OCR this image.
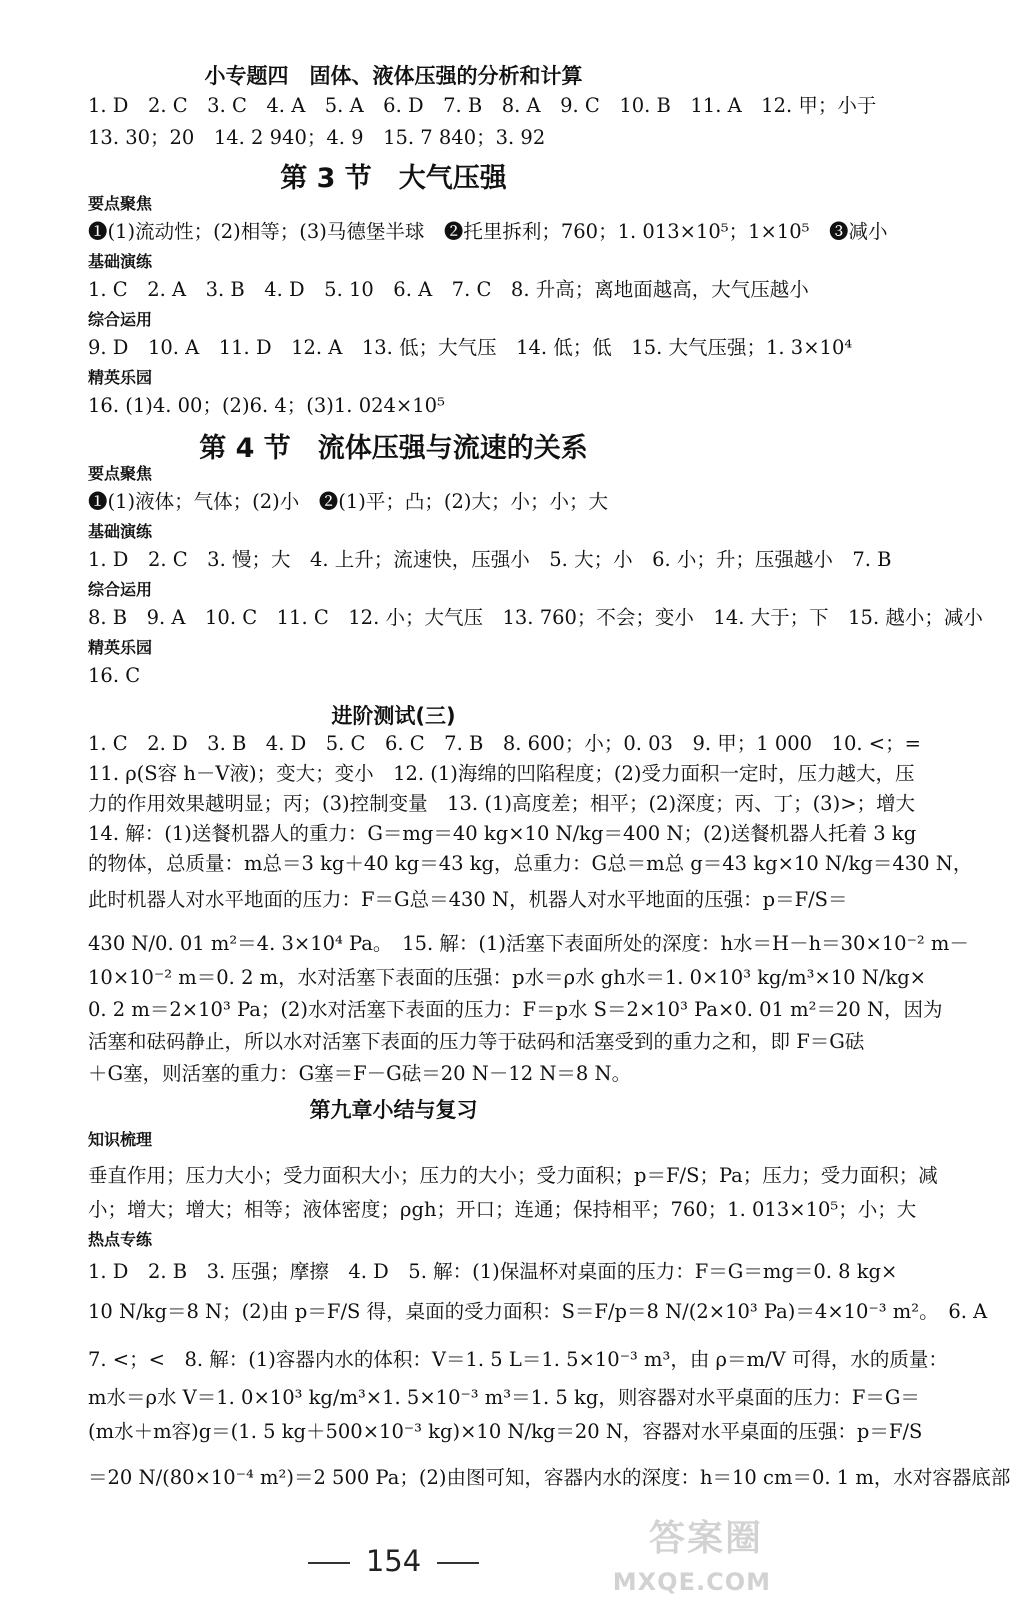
小专题四　固体、液体压强的分析和计算
1. D　2. C　3. C　4. A　5. A　6. D　7. B　8. A　9. C　10. B　11. A　12. 甲；小于
13. 30；20　14. 2 940；4. 9　15. 7 840；3. 92
第 3 节　大气压强
要点聚焦
❶(1)流动性；(2)相等；(3)马德堡半球　❷托里拆利；760；1. 013×10⁵；1×10⁵　❸减小
基础演练
1. C　2. A　3. B　4. D　5. 10　6. A　7. C　8. 升高；离地面越高，大气压越小
综合运用
9. D　10. A　11. D　12. A　13. 低；大气压　14. 低；低　15. 大气压强；1. 3×10⁴
精英乐园
16. (1)4. 00；(2)6. 4；(3)1. 024×10⁵
第 4 节　流体压强与流速的关系
要点聚焦
❶(1)液体；气体；(2)小　❷(1)平；凸；(2)大；小；小；大
基础演练
1. D　2. C　3. 慢；大　4. 上升；流速快，压强小　5. 大；小　6. 小；升；压强越小　7. B
综合运用
8. B　9. A　10. C　11. C　12. 小；大气压　13. 760；不会；变小　14. 大于；下　15. 越小；减小
精英乐园
16. C
进阶测试(三)
1. C　2. D　3. B　4. D　5. C　6. C　7. B　8. 600；小；0. 03　9. 甲；1 000　10. <；=
11. ρ(S容 h－V液)；变大；变小　12. (1)海绵的凹陷程度；(2)受力面积一定时，压力越大，压
力的作用效果越明显；丙；(3)控制变量　13. (1)高度差；相平；(2)深度；丙、丁；(3)>；增大
14. 解：(1)送餐机器人的重力：G＝mg＝40 kg×10 N/kg＝400 N；(2)送餐机器人托着 3 kg
的物体，总质量：m总＝3 kg＋40 kg＝43 kg，总重力：G总＝m总 g＝43 kg×10 N/kg＝430 N，
此时机器人对水平地面的压力：F＝G总＝430 N，机器人对水平地面的压强：p＝F/S＝
430 N/0. 01 m²＝4. 3×10⁴ Pa。　15. 解：(1)活塞下表面所处的深度：h水＝H－h＝30×10⁻² m－
10×10⁻² m＝0. 2 m，水对活塞下表面的压强：p水＝ρ水 gh水＝1. 0×10³ kg/m³×10 N/kg×
0. 2 m＝2×10³ Pa；(2)水对活塞下表面的压力：F＝p水 S＝2×10³ Pa×0. 01 m²＝20 N，因为
活塞和砝码静止，所以水对活塞下表面的压力等于砝码和活塞受到的重力之和，即 F＝G砝
＋G塞，则活塞的重力：G塞＝F－G砝＝20 N－12 N＝8 N。
第九章小结与复习
知识梳理
垂直作用；压力大小；受力面积大小；压力的大小；受力面积；p＝F/S；Pa；压力；受力面积；减
小；增大；增大；相等；液体密度；ρgh；开口；连通；保持相平；760；1. 013×10⁵；小；大
热点专练
1. D　2. B　3. 压强；摩擦　4. D　5. 解：(1)保温杯对桌面的压力：F＝G＝mg＝0. 8 kg×
10 N/kg＝8 N；(2)由 p＝F/S 得，桌面的受力面积：S＝F/p＝8 N/(2×10³ Pa)＝4×10⁻³ m²。　6. A
7. <；<　8. 解：(1)容器内水的体积：V＝1. 5 L＝1. 5×10⁻³ m³，由 ρ＝m/V 可得，水的质量：
m水＝ρ水 V＝1. 0×10³ kg/m³×1. 5×10⁻³ m³＝1. 5 kg，则容器对水平桌面的压力：F＝G＝
(m水＋m容)g＝(1. 5 kg＋500×10⁻³ kg)×10 N/kg＝20 N，容器对水平桌面的压强：p＝F/S
＝20 N/(80×10⁻⁴ m²)＝2 500 Pa；(2)由图可知，容器内水的深度：h＝10 cm＝0. 1 m，水对容器底部
154
答案圈
MXQE.COM
